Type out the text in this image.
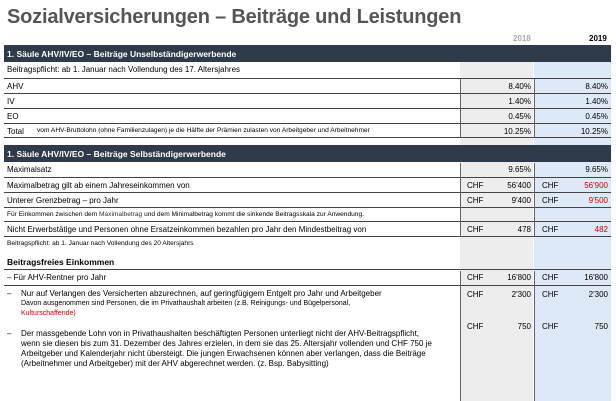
Sozialversicherungen – Beiträge und Leistungen
2018	2019
1. Säule AHV/IV/EO – Beiträge Unselbständigerwerbende
Beitragspflicht: ab 1. Januar nach Vollendung des 17. Altersjahres
AHV	8.40%	8.40%
IV	1.40%	1.40%
EO	0.45%	0.45%
Total vom AHV-Bruttolohn (ohne Familienzulagen) je die Hälfte der Prämien zulasten von Arbeitgeber und Arbeitnehmer	10.25%	10.25%
1. Säule AHV/IV/EO – Beiträge Selbständigerwerbende
Maximalsatz	9.65%	9.65%
Maximalbetrag gilt ab einem Jahreseinkommen von	CHF	56'400 CHF	56'900
Unterer Grenzbetrag – pro Jahr	CHF	9'400 CHF	9'500
Für Einkommen zwischen dem Maximalbetrag und dem Minimalbetrag kommt die sinkende Beitragsskala zur Anwendung.
Nicht Erwerbstätige und Personen ohne Ersatzeinkommen bezahlen pro Jahr den Mindestbeitrag von	CHF	478 CHF	482
Beitragspflicht: ab 1. Januar nach Vollendung des 20 Altersjahrs
Beitragsfreies Einkommen
– Für AHV-Rentner pro Jahr	CHF	16'800 CHF	16'800
– Nur auf Verlangen des Versicherten abzurechnen, auf geringfügigem Entgelt pro Jahr und Arbeitgeber
Davon ausgenommen sind Personen, die im Privathaushalt arbeiten (z.B. Reinigungs- und Bügelpersonal,
Kulturschaffende)
CHF	2'300 CHF	2'300
– Der massgebende Lohn von in Privathaushalten beschäftigten Personen unterliegt nicht der AHV-Beitragspflicht, wenn sie diesen bis zum 31. Dezember des Jahres erzielen, in dem sie das 25. Altersjahr vollenden und CHF 750 je Arbeitgeber und Kalenderjahr nicht übersteigt. Die jungen Erwachsenen können aber verlangen, dass die Beiträge (Arbeitnehmer und Arbeitgeber) mit der AHV abgerechnet werden. (z. Bsp. Babysitting)
CHF	750 CHF	750
